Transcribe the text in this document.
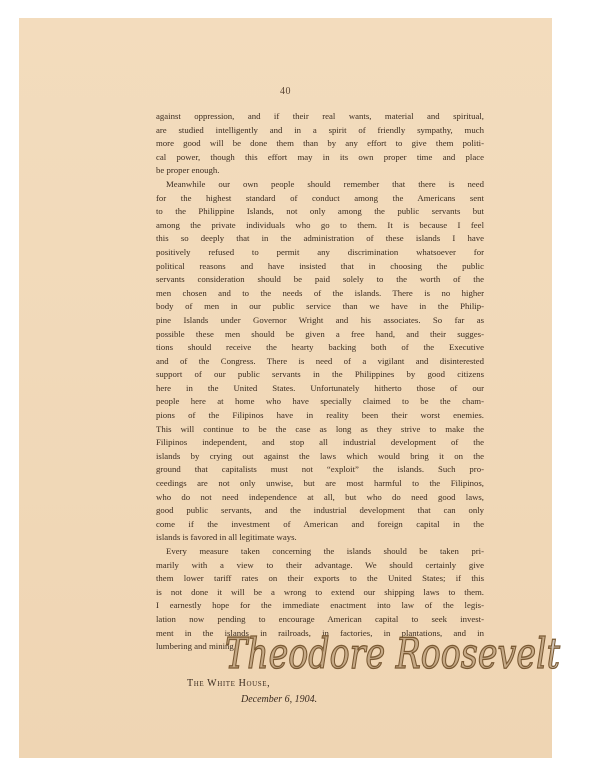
40
against oppression, and if their real wants, material and spiritual,
are studied intelligently and in a spirit of friendly sympathy, much
more good will be done them than by any effort to give them politi-
cal power, though this effort may in its own proper time and place
be proper enough.
Meanwhile our own people should remember that there is need
for the highest standard of conduct among the Americans sent
to the Philippine Islands, not only among the public servants but
among the private individuals who go to them. It is because I feel
this so deeply that in the administration of these islands I have
positively refused to permit any discrimination whatsoever for
political reasons and have insisted that in choosing the public
servants consideration should be paid solely to the worth of the
men chosen and to the needs of the islands. There is no higher
body of men in our public service than we have in the Philip-
pine Islands under Governor Wright and his associates. So far as
possible these men should be given a free hand, and their sugges-
tions should receive the hearty backing both of the Executive
and of the Congress. There is need of a vigilant and disinterested
support of our public servants in the Philippines by good citizens
here in the United States. Unfortunately hitherto those of our
people here at home who have specially claimed to be the cham-
pions of the Filipinos have in reality been their worst enemies.
This will continue to be the case as long as they strive to make the
Filipinos independent, and stop all industrial development of the
islands by crying out against the laws which would bring it on the
ground that capitalists must not “exploit” the islands. Such pro-
ceedings are not only unwise, but are most harmful to the Filipinos,
who do not need independence at all, but who do need good laws,
good public servants, and the industrial development that can only
come if the investment of American and foreign capital in the
islands is favored in all legitimate ways.
Every measure taken concerning the islands should be taken pri-
marily with a view to their advantage. We should certainly give
them lower tariff rates on their exports to the United States; if this
is not done it will be a wrong to extend our shipping laws to them.
I earnestly hope for the immediate enactment into law of the legis-
lation now pending to encourage American capital to seek invest-
ment in the islands in railroads, in factories, in plantations, and in
lumbering and mining.
Theodore Roosevelt
Theodore Roosevelt
The White House,
December 6, 1904.
